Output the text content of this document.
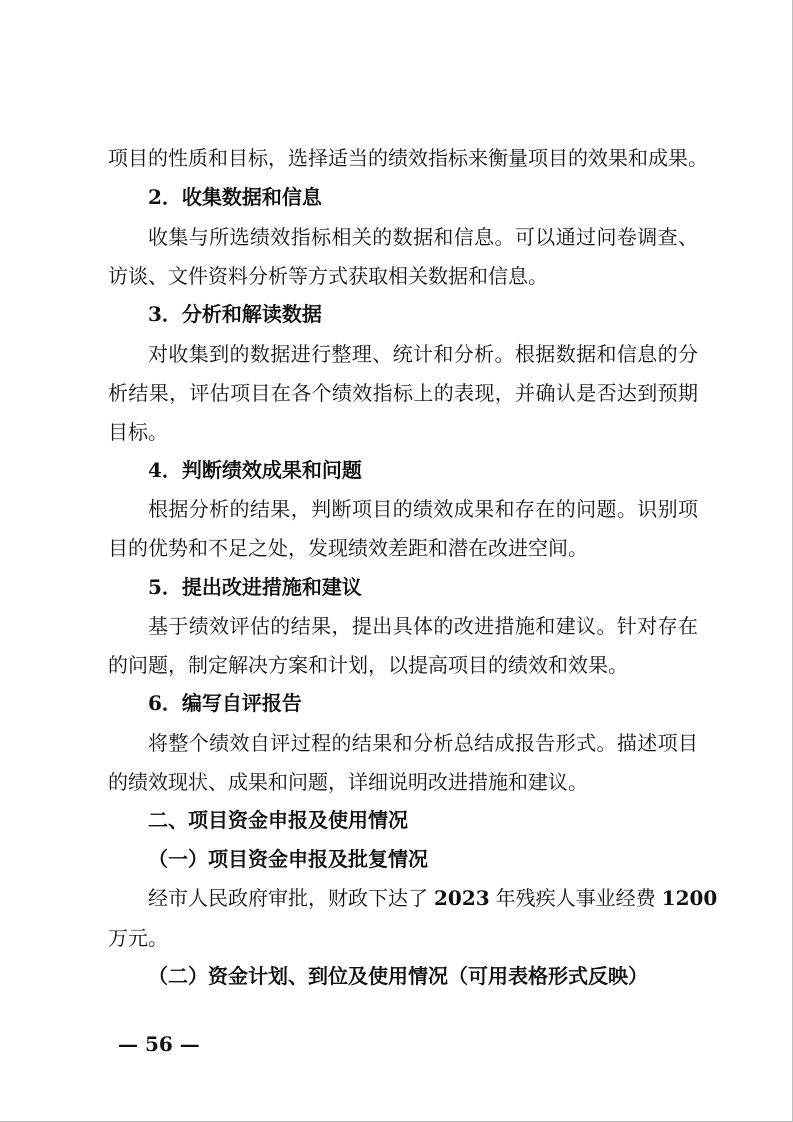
项目的性质和目标，选择适当的绩效指标来衡量项目的效果和成果。
2．收集数据和信息
收集与所选绩效指标相关的数据和信息。可以通过问卷调查、
访谈、文件资料分析等方式获取相关数据和信息。
3．分析和解读数据
对收集到的数据进行整理、统计和分析。根据数据和信息的分
析结果，评估项目在各个绩效指标上的表现，并确认是否达到预期
目标。
4．判断绩效成果和问题
根据分析的结果，判断项目的绩效成果和存在的问题。识别项
目的优势和不足之处，发现绩效差距和潜在改进空间。
5．提出改进措施和建议
基于绩效评估的结果，提出具体的改进措施和建议。针对存在
的问题，制定解决方案和计划，以提高项目的绩效和效果。
6．编写自评报告
将整个绩效自评过程的结果和分析总结成报告形式。描述项目
的绩效现状、成果和问题，详细说明改进措施和建议。
二、项目资金申报及使用情况
（一）项目资金申报及批复情况
经市人民政府审批，财政下达了 2023 年残疾人事业经费 1200
万元。
（二）资金计划、到位及使用情况（可用表格形式反映）
— 56 —
